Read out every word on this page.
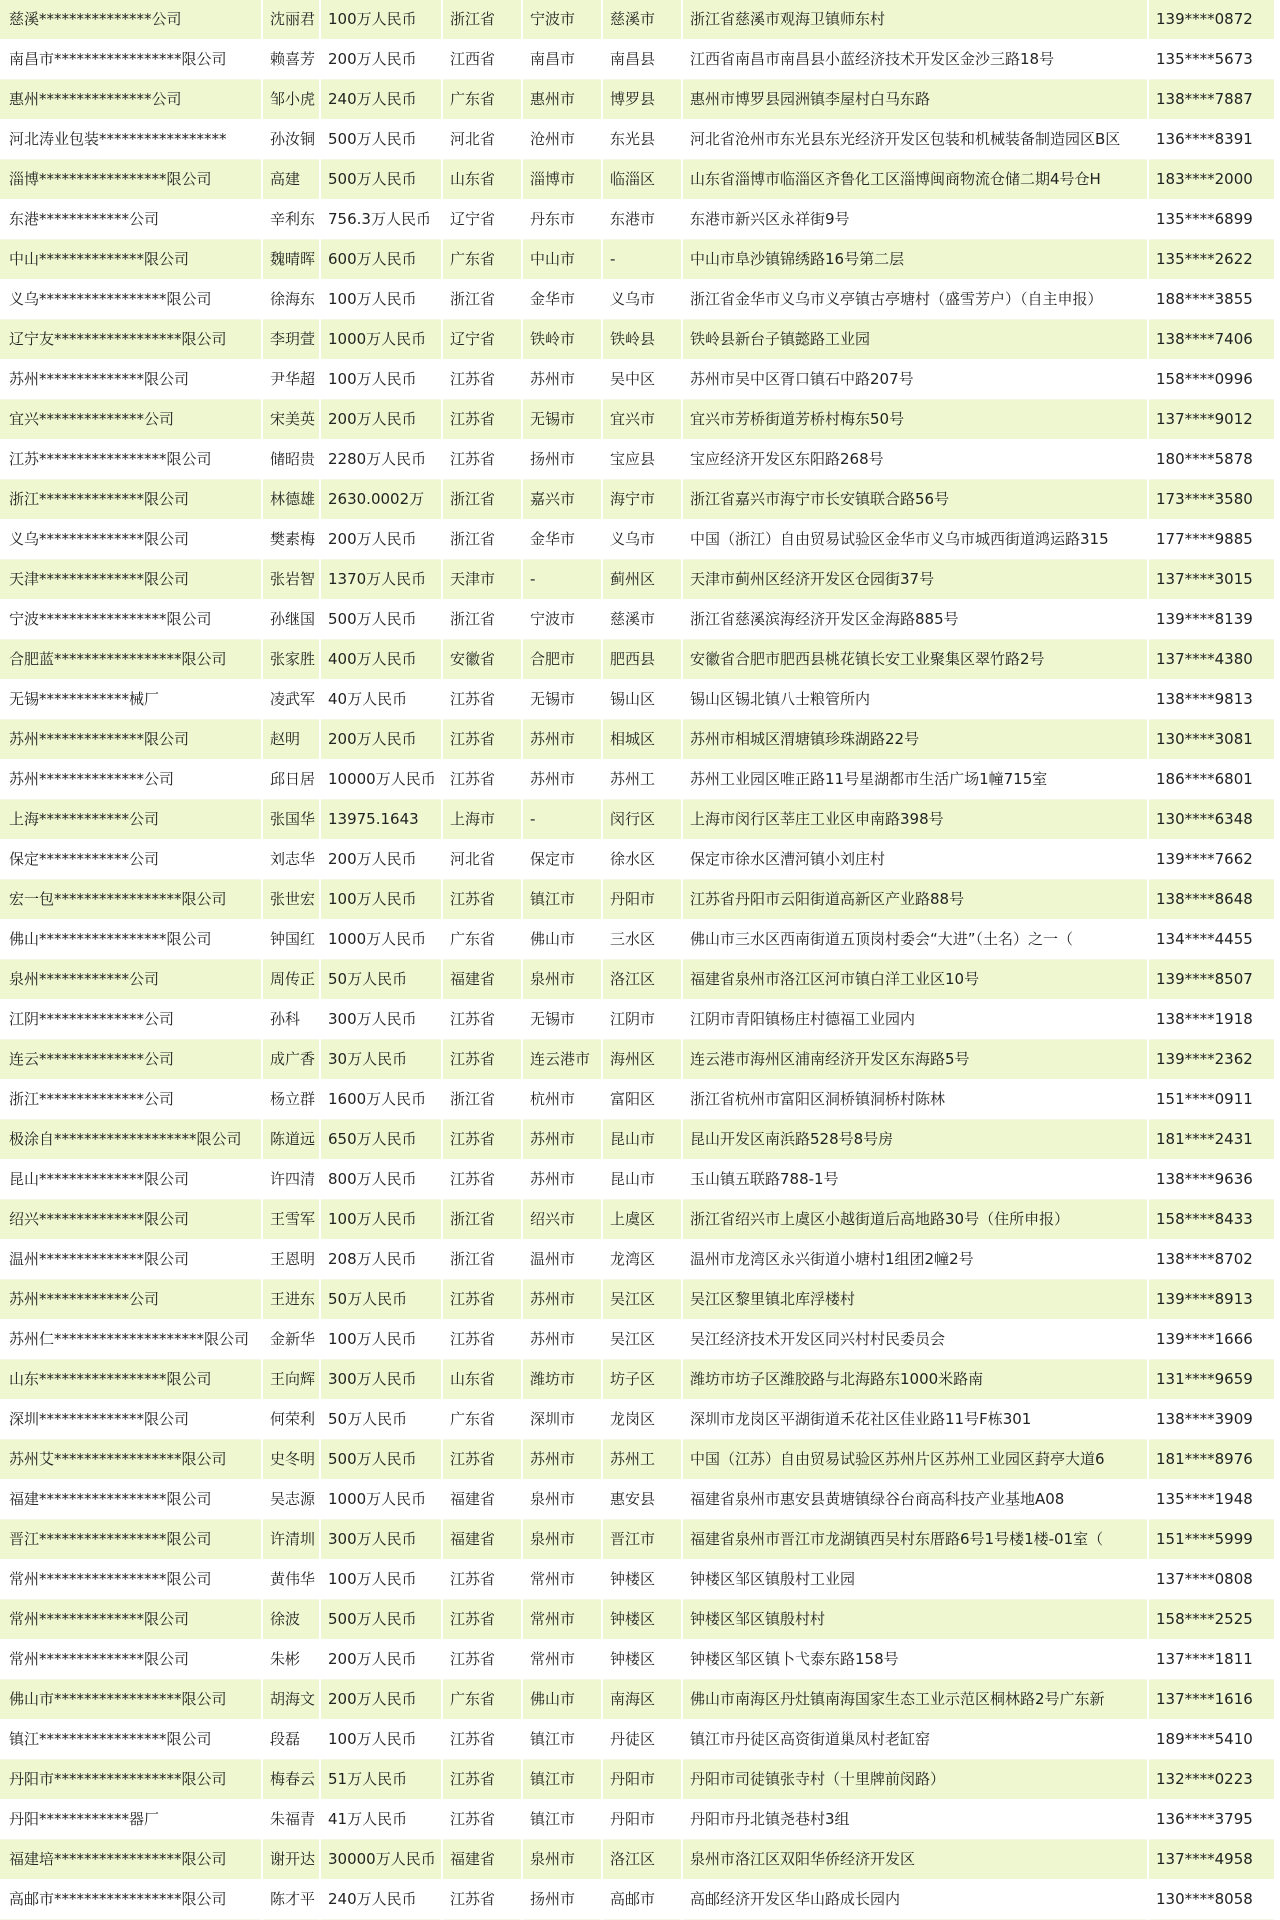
慈溪***************公司	沈丽君	100万人民币	浙江省	宁波市	慈溪市	浙江省慈溪市观海卫镇师东村	139****0872
南昌市*****************限公司	赖喜芳	200万人民币	江西省	南昌市	南昌县	江西省南昌市南昌县小蓝经济技术开发区金沙三路18号	135****5673
惠州***************公司	邹小虎	240万人民币	广东省	惠州市	博罗县	惠州市博罗县园洲镇李屋村白马东路	138****7887
河北涛业包装*****************	孙汝铜	500万人民币	河北省	沧州市	东光县	河北省沧州市东光县东光经济开发区包装和机械装备制造园区B区	136****8391
淄博*****************限公司	高建	500万人民币	山东省	淄博市	临淄区	山东省淄博市临淄区齐鲁化工区淄博闽商物流仓储二期4号仓H	183****2000
东港************公司	辛利东	756.3万人民币	辽宁省	丹东市	东港市	东港市新兴区永祥街9号	135****6899
中山**************限公司	魏晴晖	600万人民币	广东省	中山市	-	中山市阜沙镇锦绣路16号第二层	135****2622
义乌*****************限公司	徐海东	100万人民币	浙江省	金华市	义乌市	浙江省金华市义乌市义亭镇古亭塘村（盛雪芳户）（自主申报）	188****3855
辽宁友*****************限公司	李玥萱	1000万人民币	辽宁省	铁岭市	铁岭县	铁岭县新台子镇懿路工业园	138****7406
苏州**************限公司	尹华超	100万人民币	江苏省	苏州市	吴中区	苏州市吴中区胥口镇石中路207号	158****0996
宜兴**************公司	宋美英	200万人民币	江苏省	无锡市	宜兴市	宜兴市芳桥街道芳桥村梅东50号	137****9012
江苏*****************限公司	储昭贵	2280万人民币	江苏省	扬州市	宝应县	宝应经济开发区东阳路268号	180****5878
浙江**************限公司	林德雄	2630.0002万	浙江省	嘉兴市	海宁市	浙江省嘉兴市海宁市长安镇联合路56号	173****3580
义乌**************限公司	樊素梅	200万人民币	浙江省	金华市	义乌市	中国（浙江）自由贸易试验区金华市义乌市城西街道鸿运路315	177****9885
天津**************限公司	张岩智	1370万人民币	天津市	-	蓟州区	天津市蓟州区经济开发区仓园街37号	137****3015
宁波*****************限公司	孙继国	500万人民币	浙江省	宁波市	慈溪市	浙江省慈溪滨海经济开发区金海路885号	139****8139
合肥蓝*****************限公司	张家胜	400万人民币	安徽省	合肥市	肥西县	安徽省合肥市肥西县桃花镇长安工业聚集区翠竹路2号	137****4380
无锡************械厂	凌武军	40万人民币	江苏省	无锡市	锡山区	锡山区锡北镇八士粮管所内	138****9813
苏州**************限公司	赵明	200万人民币	江苏省	苏州市	相城区	苏州市相城区渭塘镇珍珠湖路22号	130****3081
苏州**************公司	邱日居	10000万人民币	江苏省	苏州市	苏州工	苏州工业园区唯正路11号星湖都市生活广场1幢715室	186****6801
上海************公司	张国华	13975.1643	上海市	-	闵行区	上海市闵行区莘庄工业区申南路398号	130****6348
保定************公司	刘志华	200万人民币	河北省	保定市	徐水区	保定市徐水区漕河镇小刘庄村	139****7662
宏一包*****************限公司	张世宏	100万人民币	江苏省	镇江市	丹阳市	江苏省丹阳市云阳街道高新区产业路88号	138****8648
佛山*****************限公司	钟国红	1000万人民币	广东省	佛山市	三水区	佛山市三水区西南街道五顶岗村委会“大进”（土名）之一（	134****4455
泉州************公司	周传正	50万人民币	福建省	泉州市	洛江区	福建省泉州市洛江区河市镇白洋工业区10号	139****8507
江阴**************公司	孙科	300万人民币	江苏省	无锡市	江阴市	江阴市青阳镇杨庄村德福工业园内	138****1918
连云**************公司	成广香	30万人民币	江苏省	连云港市	海州区	连云港市海州区浦南经济开发区东海路5号	139****2362
浙江**************公司	杨立群	1600万人民币	浙江省	杭州市	富阳区	浙江省杭州市富阳区洞桥镇洞桥村陈林	151****0911
极涂自*******************限公司	陈道远	650万人民币	江苏省	苏州市	昆山市	昆山开发区南浜路528号8号房	181****2431
昆山**************限公司	许四清	800万人民币	江苏省	苏州市	昆山市	玉山镇五联路788-1号	138****9636
绍兴**************限公司	王雪军	100万人民币	浙江省	绍兴市	上虞区	浙江省绍兴市上虞区小越街道后高地路30号（住所申报）	158****8433
温州**************限公司	王恩明	208万人民币	浙江省	温州市	龙湾区	温州市龙湾区永兴街道小塘村1组团2幢2号	138****8702
苏州************公司	王进东	50万人民币	江苏省	苏州市	吴江区	吴江区黎里镇北库浮楼村	139****8913
苏州仁********************限公司	金新华	100万人民币	江苏省	苏州市	吴江区	吴江经济技术开发区同兴村村民委员会	139****1666
山东*****************限公司	王向辉	300万人民币	山东省	潍坊市	坊子区	潍坊市坊子区潍胶路与北海路东1000米路南	131****9659
深圳**************限公司	何荣利	50万人民币	广东省	深圳市	龙岗区	深圳市龙岗区平湖街道禾花社区佳业路11号F栋301	138****3909
苏州艾*****************限公司	史冬明	500万人民币	江苏省	苏州市	苏州工	中国（江苏）自由贸易试验区苏州片区苏州工业园区葑亭大道6	181****8976
福建*****************限公司	吴志源	1000万人民币	福建省	泉州市	惠安县	福建省泉州市惠安县黄塘镇绿谷台商高科技产业基地A08	135****1948
晋江*****************限公司	许清圳	300万人民币	福建省	泉州市	晋江市	福建省泉州市晋江市龙湖镇西吴村东厝路6号1号楼1楼-01室（	151****5999
常州*****************限公司	黄伟华	100万人民币	江苏省	常州市	钟楼区	钟楼区邹区镇殷村工业园	137****0808
常州**************限公司	徐波	500万人民币	江苏省	常州市	钟楼区	钟楼区邹区镇殷村村	158****2525
常州**************限公司	朱彬	200万人民币	江苏省	常州市	钟楼区	钟楼区邹区镇卜弋泰东路158号	137****1811
佛山市*****************限公司	胡海文	200万人民币	广东省	佛山市	南海区	佛山市南海区丹灶镇南海国家生态工业示范区桐林路2号广东新	137****1616
镇江*****************限公司	段磊	100万人民币	江苏省	镇江市	丹徒区	镇江市丹徒区高资街道巢凤村老缸窑	189****5410
丹阳市*****************限公司	梅春云	51万人民币	江苏省	镇江市	丹阳市	丹阳市司徒镇张寺村（十里牌前闵路）	132****0223
丹阳************器厂	朱福青	41万人民币	江苏省	镇江市	丹阳市	丹阳市丹北镇尧巷村3组	136****3795
福建培*****************限公司	谢开达	30000万人民币	福建省	泉州市	洛江区	泉州市洛江区双阳华侨经济开发区	137****4958
高邮市*****************限公司	陈才平	240万人民币	江苏省	扬州市	高邮市	高邮经济开发区华山路成长园内	130****8058
